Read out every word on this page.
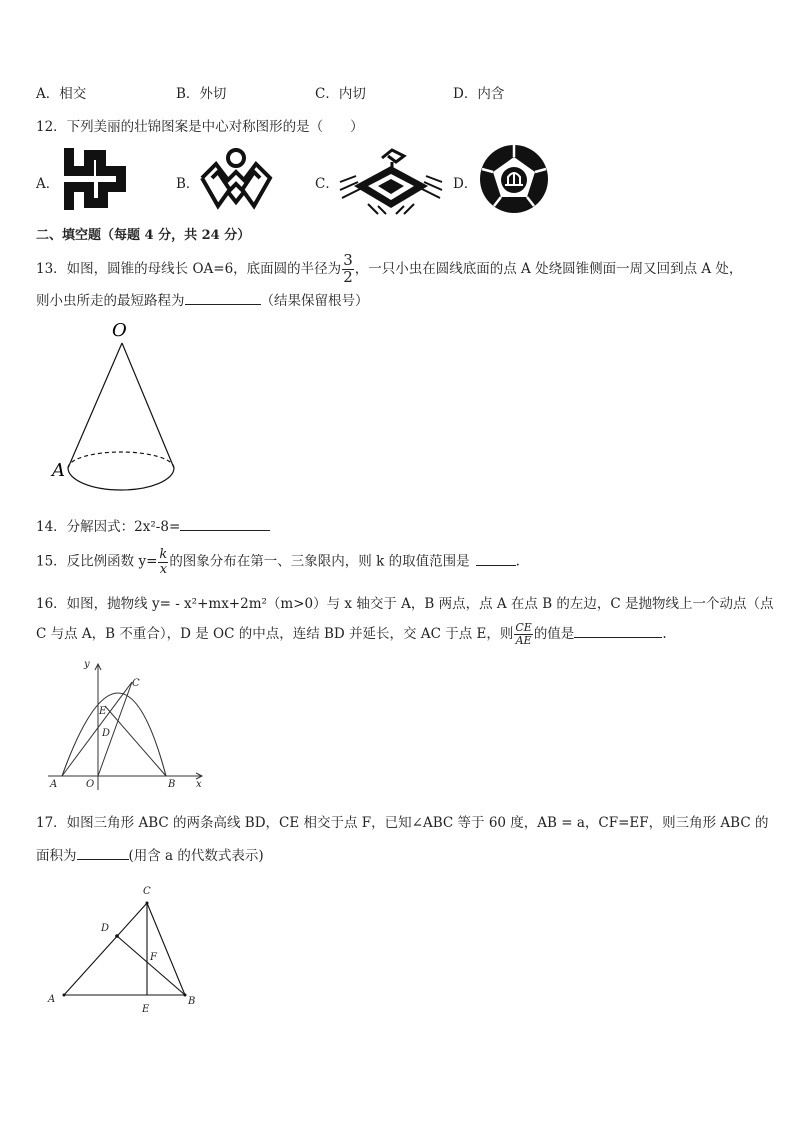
A．相交	B．外切	C．内切	D．内含
12．下列美丽的壮锦图案是中心对称图形的是（　　）
A．	B．	C．	D．
二、填空题（每题 4 分，共 24 分）
13．如图，圆锥的母线长 OA=6，底面圆的半径为 $\frac{3}{2}$ ，一只小虫在圆线底面的点 A 处绕圆锥侧面一周又回到点 A 处，
则小虫所走的最短路程为	（结果保留根号）
O
A
14．分解因式：2x²-8=
15．反比例函数 $y= \frac{k}{x}$ 的图象分布在第一、三象限内，则 k 的取值范围是	.
16．如图，抛物线 y= - x²+mx+2m²（m>0）与 x 轴交于 A，B 两点，点 A 在点 B 的左边，C 是抛物线上一个动点（点
C 与点 A，B 不重合），D 是 OC 的中点，连结 BD 并延长，交 AC 于点 E，则 $\frac{CE}{AE}$ 的值是	.
y
x
C
E
D
A	O	B
17．如图三角形 ABC 的两条高线 BD，CE 相交于点 F，已知∠ABC 等于 60 度，AB = a，CF=EF，则三角形 ABC 的
面积为	(用含 a 的代数式表示)
C
D
F
A
E
B
